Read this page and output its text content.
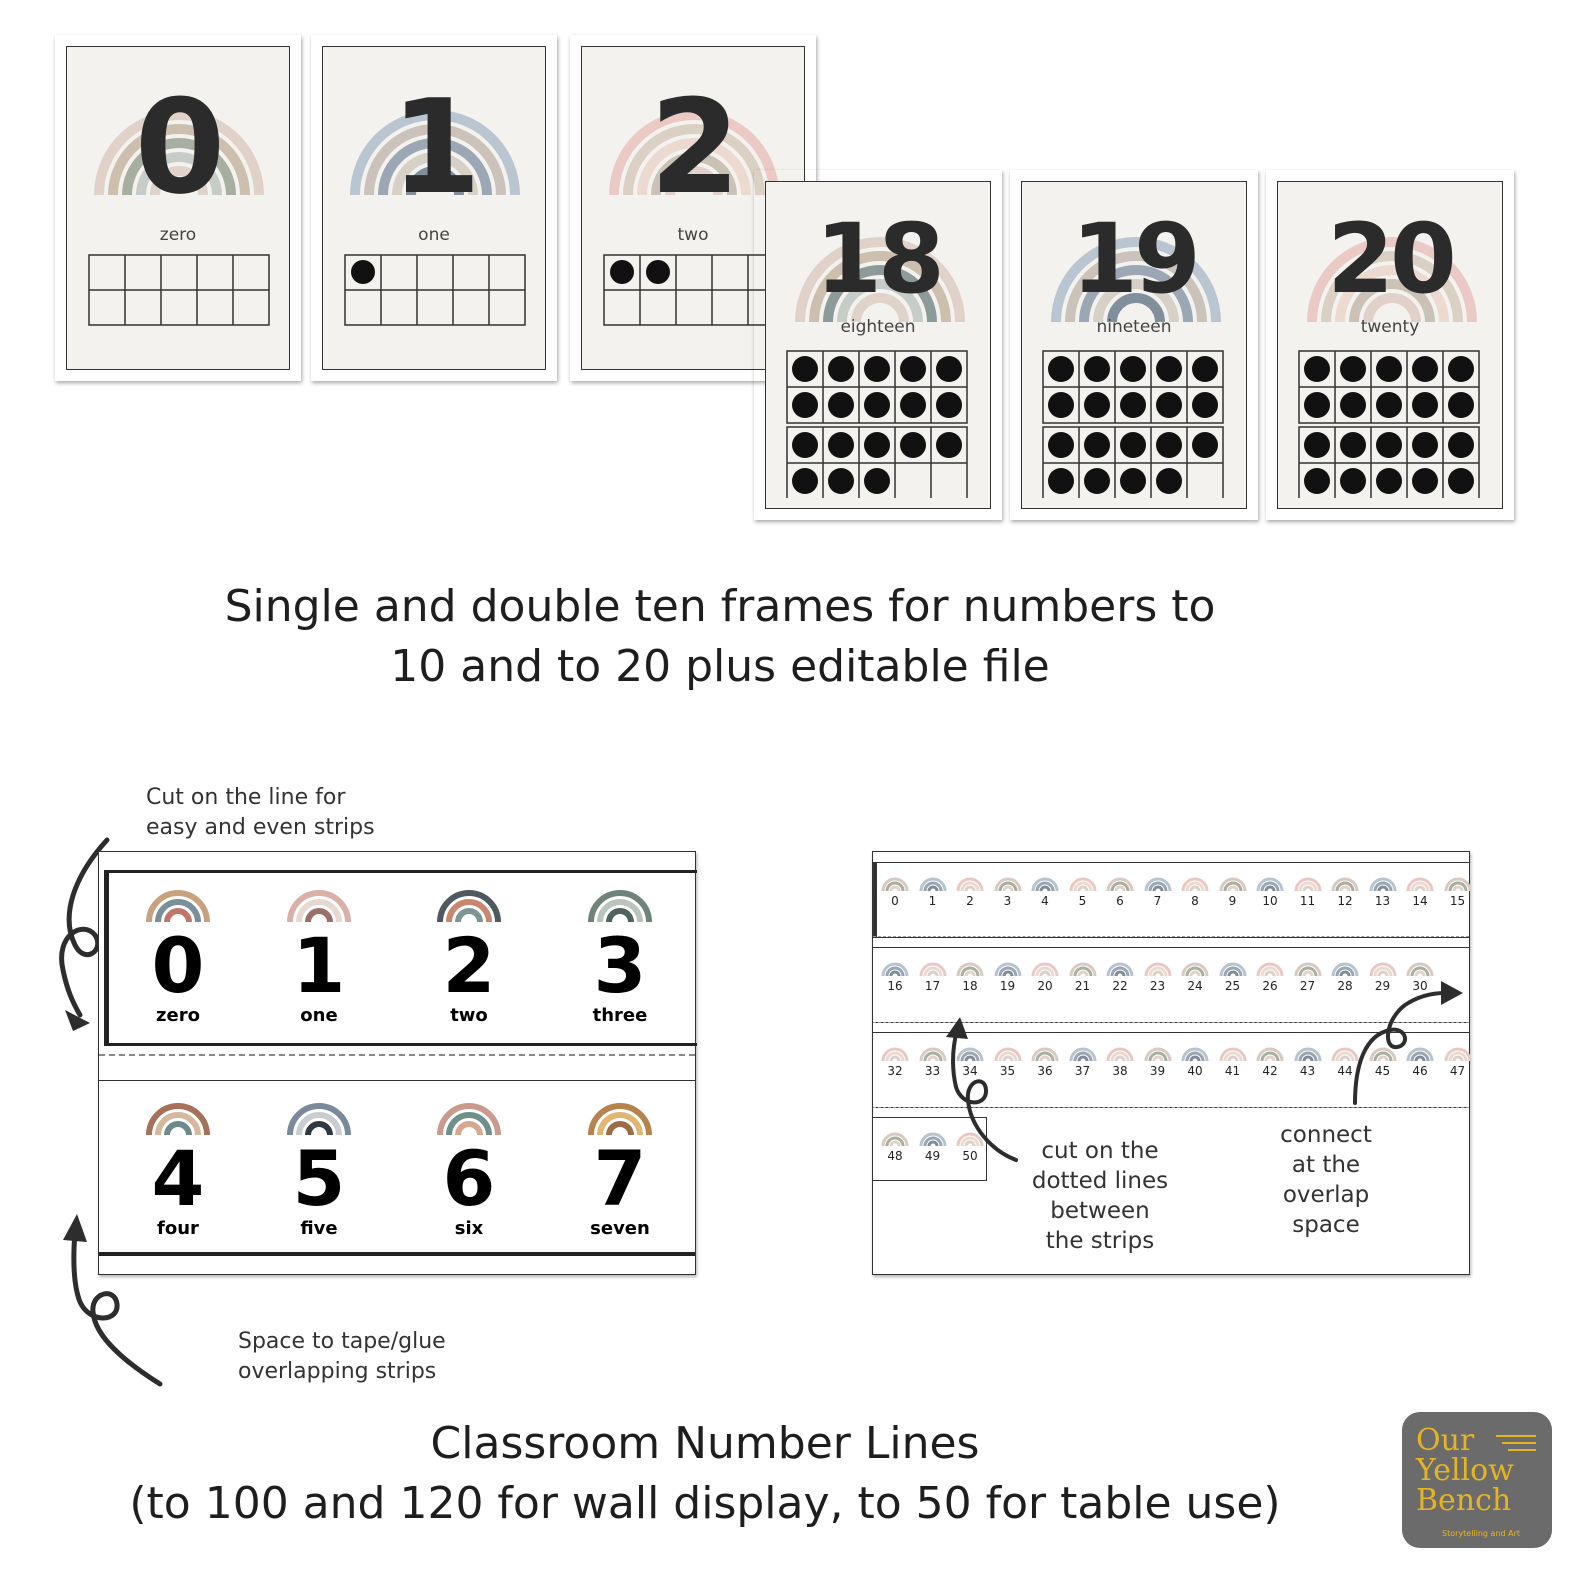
0
zero
1
one
2
two	18
eighteen
19
nineteen
20
twenty
Single and double ten frames for numbers to
10 and to 20 plus editable file
Cut on the line for
easy and even strips
Space to tape/glue
overlapping strips
0
zero
1
one
2
two
3
three
4
four
5
five
6
six
7
seven
0	1	2	3	4	5	6	7	8	9	10	11	12	13	14	15
16	17	18	19	20	21	22	23	24	25	26	27	28	29	30
32	33	34	35	36	37	38	39	40	41	42	43	44	45	46	47
48	49	50	cut on the
dotted lines
between
the strips
connect
at the
overlap
space
Classroom Number Lines
(to 100 and 120 for wall display, to 50 for table use)
Our
Yellow
Bench
Storytelling and Art
